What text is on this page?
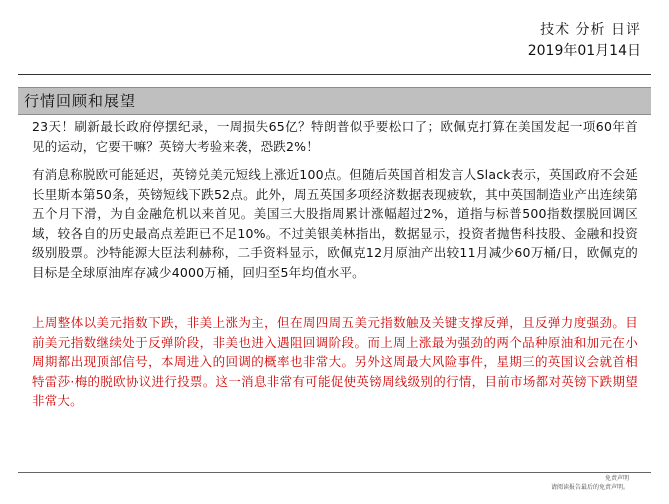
技术 分析 日评
2019年01月14日
行情回顾和展望

23天！刷新最长政府停摆纪录，一周损失65亿？特朗普似乎要松口了；欧佩克打算在美国发起一项60年首见的运动，它要干嘛？英镑大考验来袭，恐跌2%！

有消息称脱欧可能延迟，英镑兑美元短线上涨近100点。但随后英国首相发言人Slack表示，英国政府不会延长里斯本第50条，英镑短线下跌52点。此外，周五英国多项经济数据表现疲软，其中英国制造业产出连续第五个月下滑，为自金融危机以来首见。美国三大股指周累计涨幅超过2%，道指与标普500指数摆脱回调区域，较各自的历史最高点差距已不足10%。不过美银美林指出，数据显示，投资者抛售科技股、金融和投资级别股票。沙特能源大臣法利赫称，二手资料显示，欧佩克12月原油产出较11月减少60万桶/日，欧佩克的目标是全球原油库存减少4000万桶，回归至5年均值水平。

上周整体以美元指数下跌，非美上涨为主，但在周四周五美元指数触及关键支撑反弹，且反弹力度强劲。目前美元指数继续处于反弹阶段，非美也进入遇阻回调阶段。而上周上涨最为强劲的两个品种原油和加元在小周期都出现顶部信号，本周进入的回调的概率也非常大。另外这周最大风险事件，星期三的英国议会就首相特雷莎·梅的脱欧协议进行投票。这一消息非常有可能促使英镑周线级别的行情，目前市场都对英镑下跌期望非常大。

免责声明
请阅读报告最后的免责声明。
